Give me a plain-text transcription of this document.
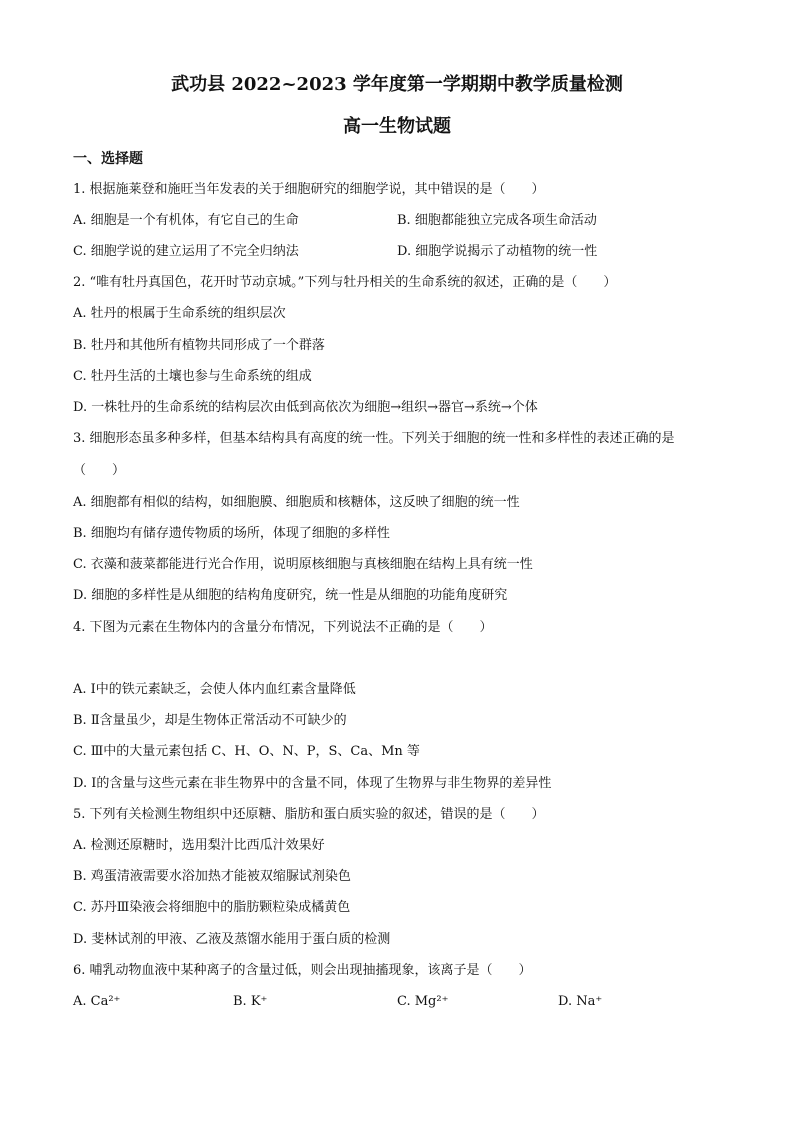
武功县 2022~2023 学年度第一学期期中教学质量检测
高一生物试题
一、选择题
1. 根据施莱登和施旺当年发表的关于细胞研究的细胞学说，其中错误的是（　　）
A. 细胞是一个有机体，有它自己的生命	B. 细胞都能独立完成各项生命活动
C. 细胞学说的建立运用了不完全归纳法	D. 细胞学说揭示了动植物的统一性
2. “唯有牡丹真国色，花开时节动京城。”下列与牡丹相关的生命系统的叙述，正确的是（　　）
A. 牡丹的根属于生命系统的组织层次
B. 牡丹和其他所有植物共同形成了一个群落
C. 牡丹生活的土壤也参与生命系统的组成
D. 一株牡丹的生命系统的结构层次由低到高依次为细胞→组织→器官→系统→个体
3. 细胞形态虽多种多样，但基本结构具有高度的统一性。下列关于细胞的统一性和多样性的表述正确的是
（　　）
A. 细胞都有相似的结构，如细胞膜、细胞质和核糖体，这反映了细胞的统一性
B. 细胞均有储存遗传物质的场所，体现了细胞的多样性
C. 衣藻和菠菜都能进行光合作用，说明原核细胞与真核细胞在结构上具有统一性
D. 细胞的多样性是从细胞的结构角度研究，统一性是从细胞的功能角度研究
4. 下图为元素在生物体内的含量分布情况，下列说法不正确的是（　　）
A. Ⅰ中的铁元素缺乏，会使人体内血红素含量降低
B. Ⅱ含量虽少，却是生物体正常活动不可缺少的
C. Ⅲ中的大量元素包括 C、H、O、N、P，S、Ca、Mn 等
D. Ⅰ的含量与这些元素在非生物界中的含量不同，体现了生物界与非生物界的差异性
5. 下列有关检测生物组织中还原糖、脂肪和蛋白质实验的叙述，错误的是（　　）
A. 检测还原糖时，选用梨汁比西瓜汁效果好
B. 鸡蛋清液需要水浴加热才能被双缩脲试剂染色
C. 苏丹Ⅲ染液会将细胞中的脂肪颗粒染成橘黄色
D. 斐林试剂的甲液、乙液及蒸馏水能用于蛋白质的检测
6. 哺乳动物血液中某种离子的含量过低，则会出现抽搐现象，该离子是（　　）
A. Ca²⁺	B. K⁺	C. Mg²⁺	D. Na⁺
